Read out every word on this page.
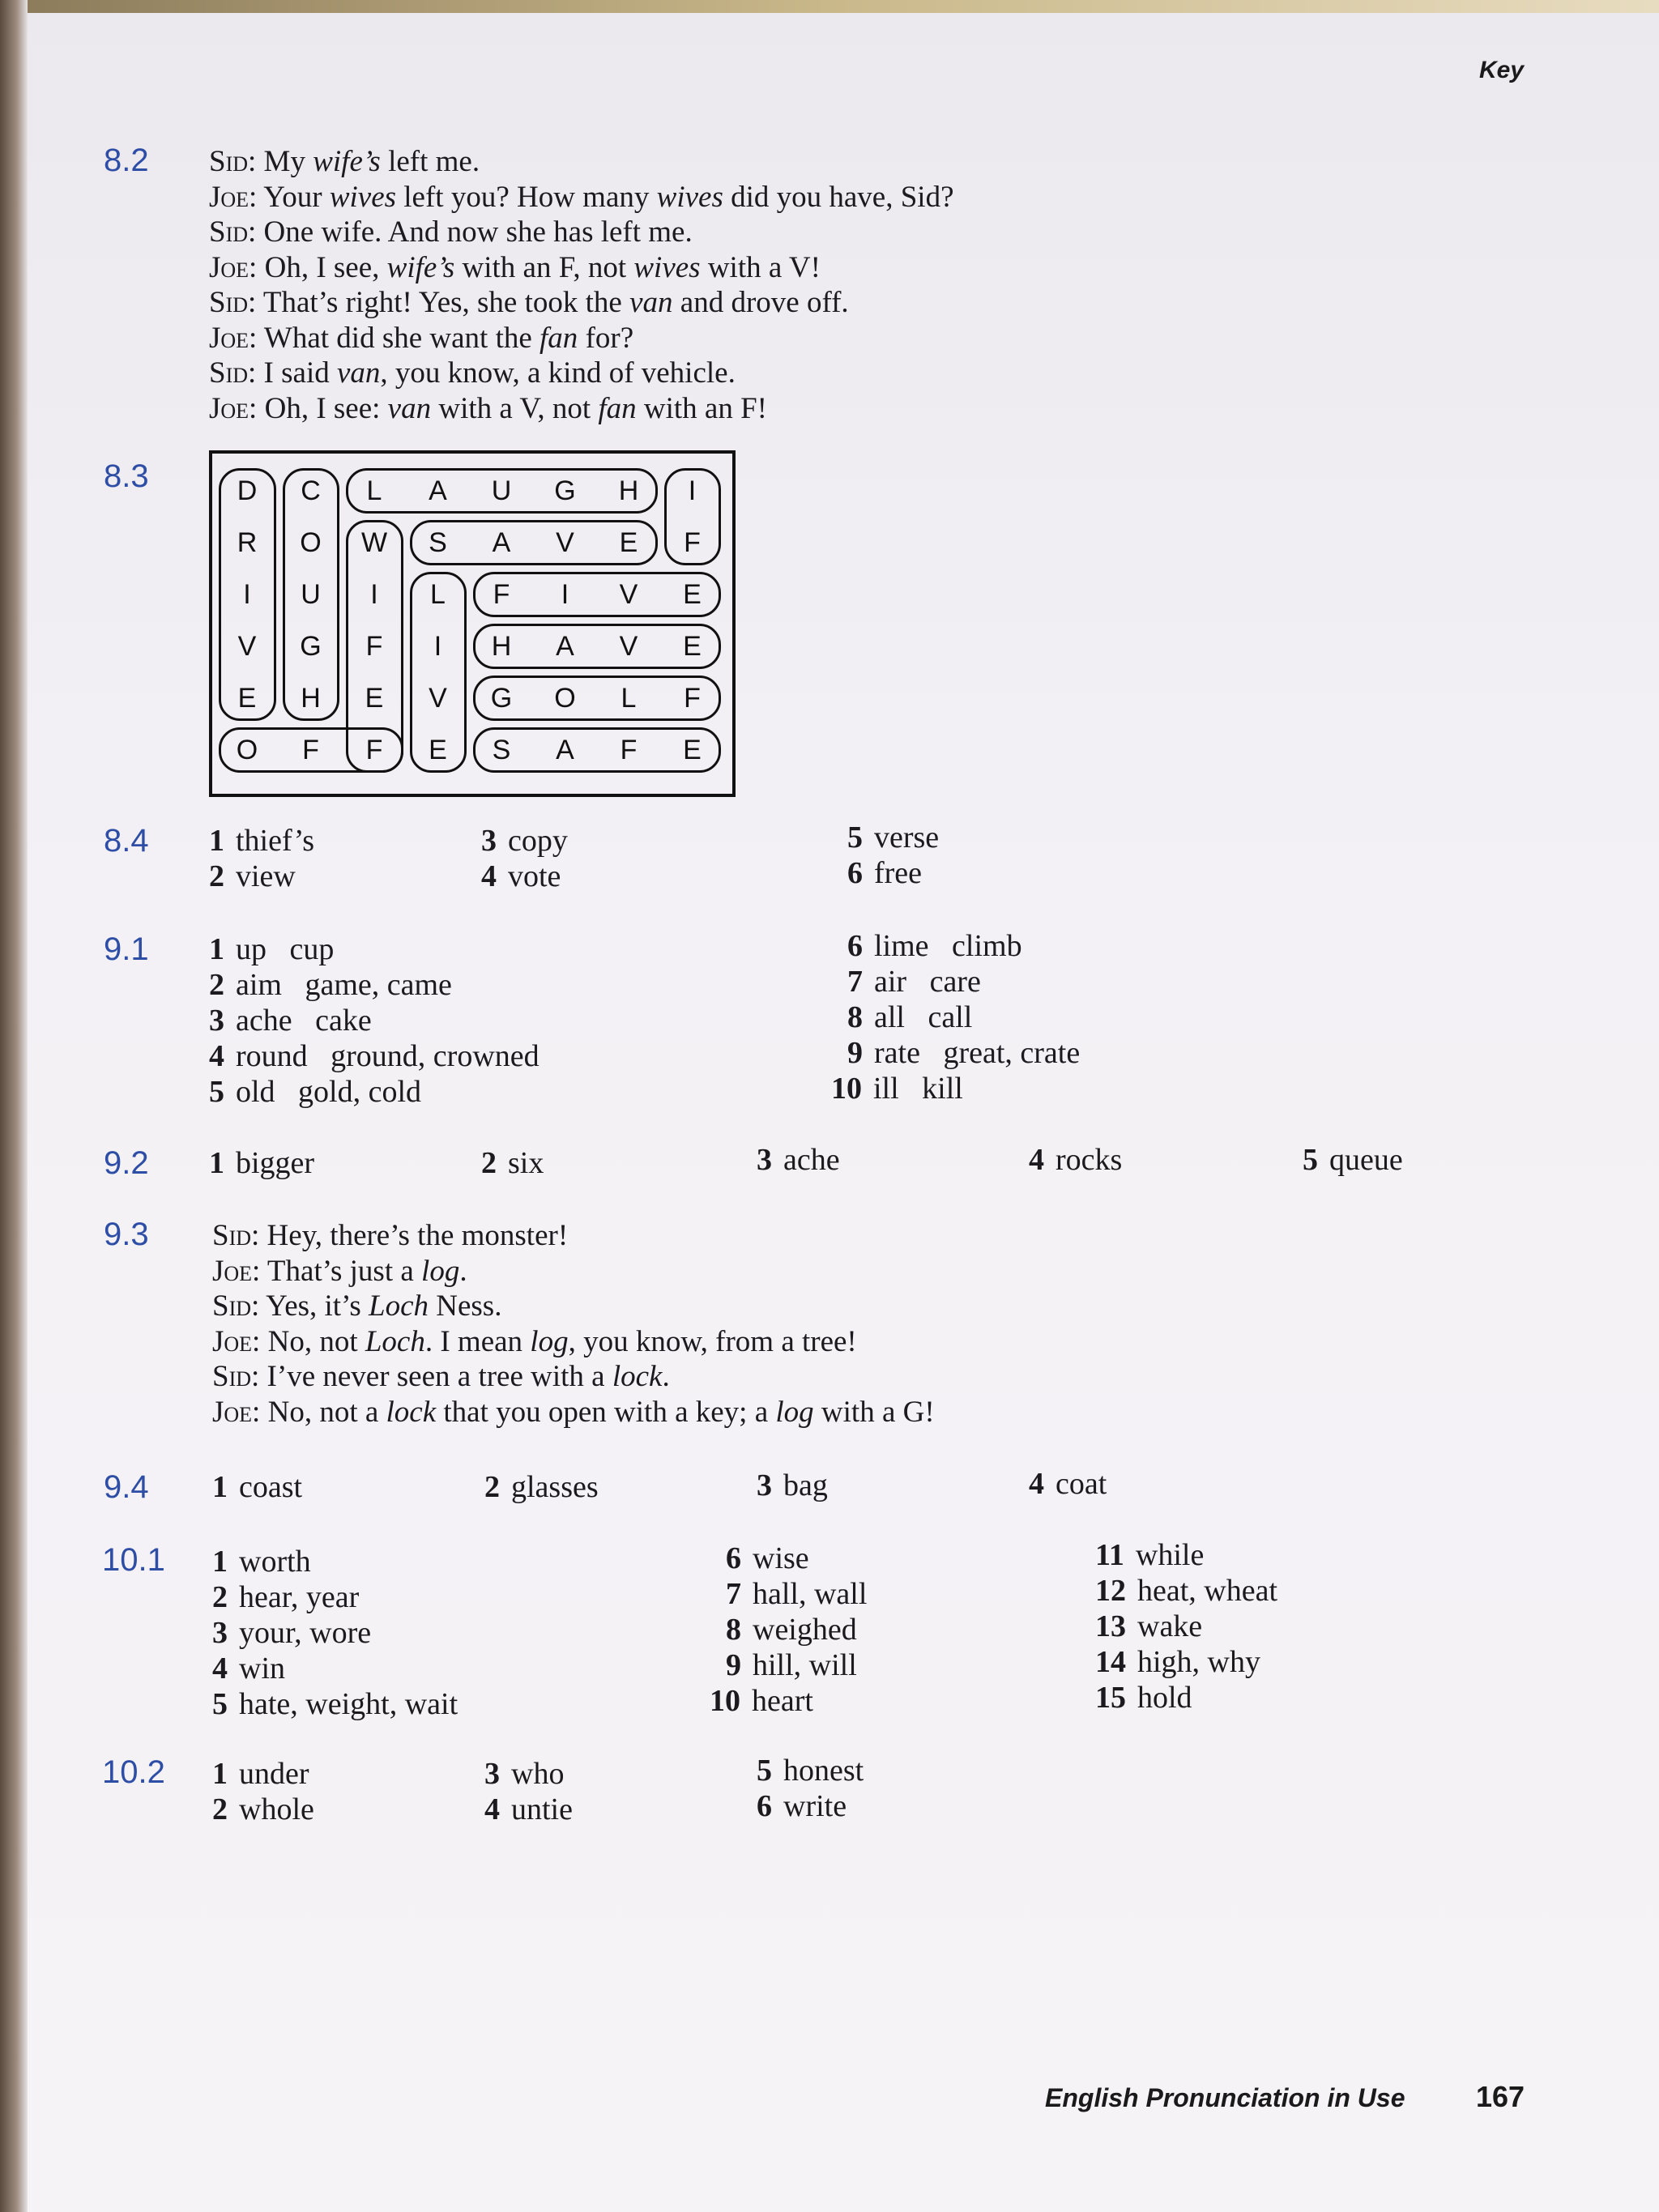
Key
8.2 Sid: My wife’s left me.
Joe: Your wives left you? How many wives did you have, Sid?
Sid: One wife. And now she has left me.
Joe: Oh, I see, wife’s with an F, not wives with a V!
Sid: That’s right! Yes, she took the van and drove off.
Joe: What did she want the fan for?
Sid: I said van, you know, a kind of vehicle.
Joe: Oh, I see: van with a V, not fan with an F!
8.3	D	C	L	A	U	G	H	I
R	O	W	S	A	V	E	F
I	U	I	L	F	I	V	E
V	G	F	I	H	A	V	E
E	H	E	V	G	O	L	F
O	F	F	E	S	A	F	E
8.4 1 thief’s
2 view
3 copy
4 vote
5 verse
6 free
9.1 1 up   cup
2 aim   game, came
3 ache   cake
4 round   ground, crowned
5 old   gold, cold
6 lime   climb
7 air   care
8 all   call
9 rate   great, crate
10 ill   kill
9.2 1 bigger	2 six	3 ache	4 rocks	5 queue
9.3 Sid: Hey, there’s the monster!
Joe: That’s just a log.
Sid: Yes, it’s Loch Ness.
Joe: No, not Loch. I mean log, you know, from a tree!
Sid: I’ve never seen a tree with a lock.
Joe: No, not a lock that you open with a key; a log with a G!
9.4 1 coast	2 glasses	3 bag	4 coat
10.1 1 worth
2 hear, year
3 your, wore
4 win
5 hate, weight, wait
6 wise
7 hall, wall
8 weighed
9 hill, will
10 heart
11 while
12 heat, wheat
13 wake
14 high, why
15 hold
10.2 1 under
2 whole
3 who
4 untie
5 honest
6 write
English Pronunciation in Use 167
